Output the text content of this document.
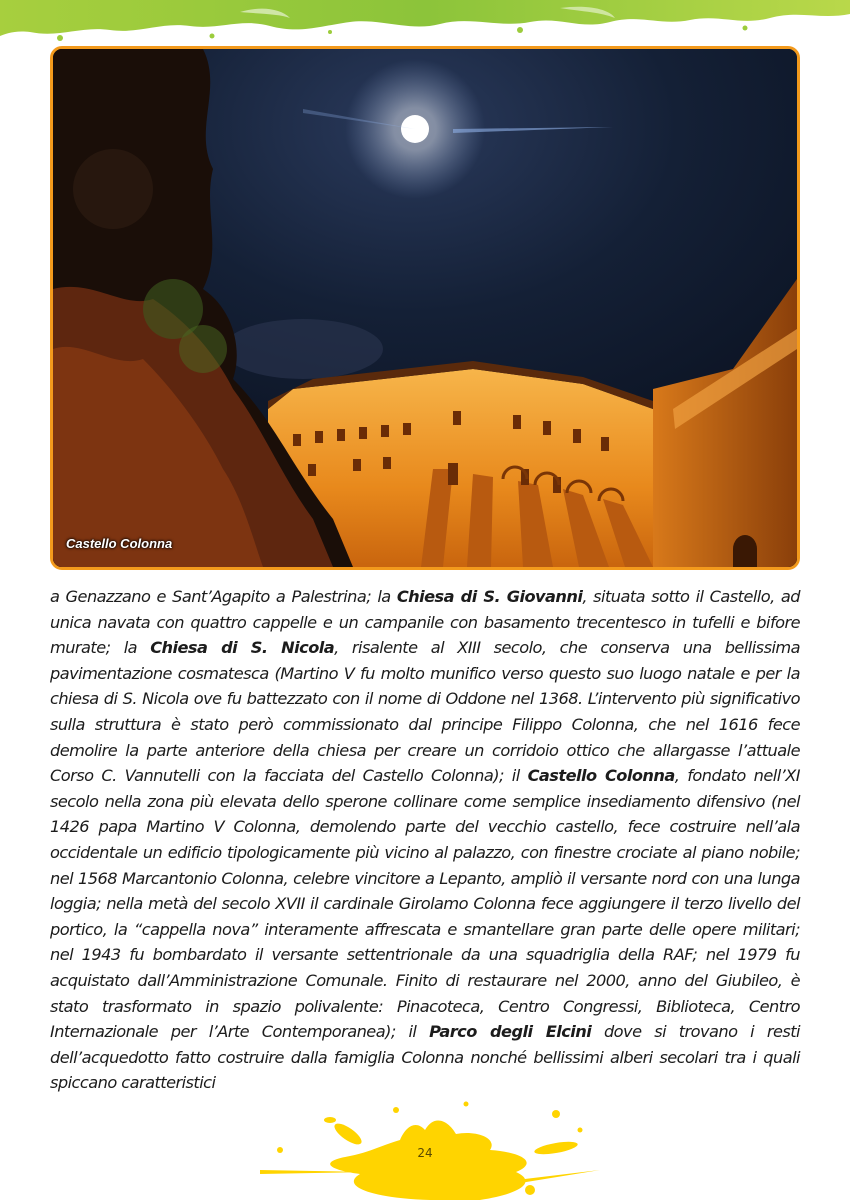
Castello Colonna

a Genazzano e Sant’Agapito a Palestrina; la Chiesa di S. Giovanni, situata sotto il Castello, ad unica navata con quattro cappelle e un campanile con basamento trecentesco in tufelli e bifore murate; la Chiesa di S. Nicola, risalente al XIII secolo, che conserva una bellissima pavimentazione cosmatesca (Martino V fu molto munifico verso questo suo luogo natale e per la chiesa di S. Nicola ove fu battezzato con il nome di Oddone nel 1368. L’intervento più significativo sulla struttura è stato però commissionato dal principe Filippo Colonna, che nel 1616 fece demolire la parte anteriore della chiesa per creare un corridoio ottico che allargasse l’attuale Corso C. Vannutelli con la facciata del Castello Colonna); il Castello Colonna, fondato nell’XI secolo nella zona più elevata dello sperone collinare come semplice insediamento difensivo (nel 1426 papa Martino V Colonna, demolendo parte del vecchio castello, fece costruire nell’ala occidentale un edificio tipologicamente più vicino al palazzo, con finestre crociate al piano nobile; nel 1568 Marcantonio Colonna, celebre vincitore a Lepanto, ampliò il versante nord con una lunga loggia; nella metà del secolo XVII il cardinale Girolamo Colonna fece aggiungere il terzo livello del portico, la “cappella nova” interamente affrescata e smantellare gran parte delle opere militari; nel 1943 fu bombardato il versante settentrionale da una squadriglia della RAF; nel 1979 fu acquistato dall’Amministrazione Comunale. Finito di restaurare nel 2000, anno del Giubileo, è stato trasformato in spazio polivalente: Pinacoteca, Centro Congressi, Biblioteca, Centro Internazionale per l’Arte Contemporanea); il Parco degli Elcini dove si trovano i resti dell’acquedotto fatto costruire dalla famiglia Colonna nonché bellissimi alberi secolari tra i quali spiccano caratteristici

24
